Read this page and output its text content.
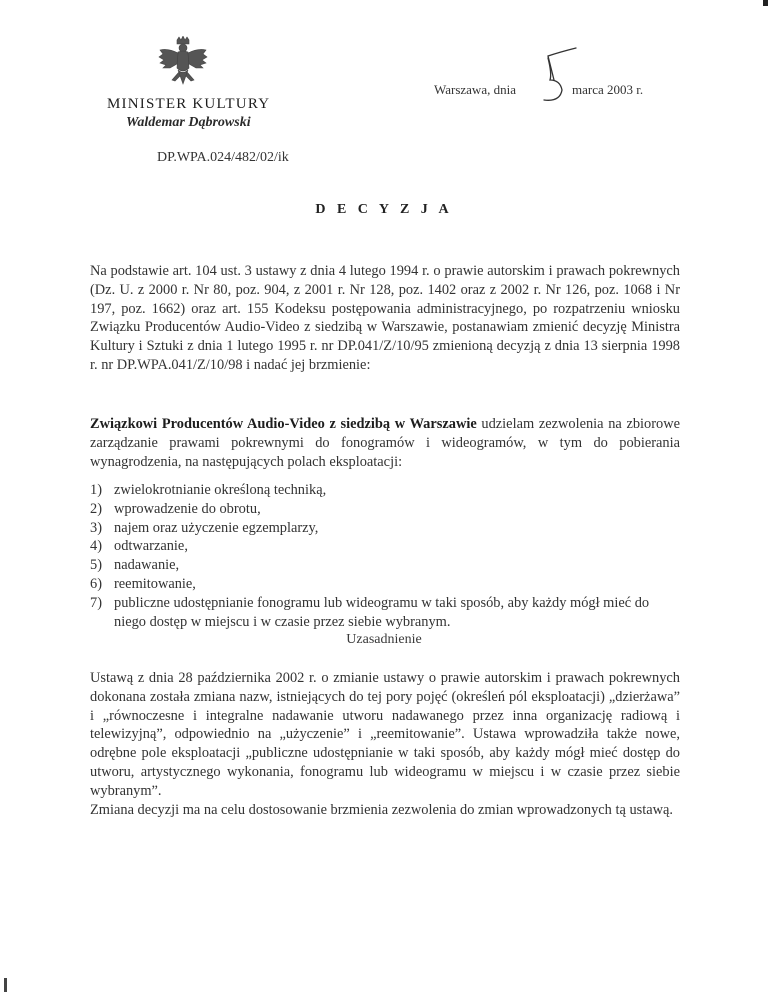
MINISTER KULTURY
Waldemar Dąbrowski
DP.WPA.024/482/02/ik
Warszawa, dnia
5
marca 2003 r.
D E C Y Z J A
Na podstawie art. 104 ust. 3 ustawy z dnia 4 lutego 1994 r. o prawie autorskim i prawach pokrewnych (Dz. U. z 2000 r. Nr 80, poz. 904, z 2001 r. Nr 128, poz. 1402 oraz z 2002 r. Nr 126, poz. 1068 i Nr 197, poz. 1662) oraz art. 155 Kodeksu postępowania administracyjnego, po rozpatrzeniu wniosku Związku Producentów Audio-Video z siedzibą w Warszawie, postanawiam zmienić decyzję Ministra Kultury i Sztuki z dnia 1 lutego 1995 r. nr DP.041/Z/10/95 zmienioną decyzją z dnia 13 sierpnia 1998 r. nr DP.WPA.041/Z/10/98 i nadać jej brzmienie:
Związkowi Producentów Audio-Video z siedzibą w Warszawie udzielam zezwolenia na zbiorowe zarządzanie prawami pokrewnymi do fonogramów i wideogramów, w tym do pobierania wynagrodzenia, na następujących polach eksploatacji:
1) zwielokrotnianie określoną techniką,
2) wprowadzenie do obrotu,
3) najem oraz użyczenie egzemplarzy,
4) odtwarzanie,
5) nadawanie,
6) reemitowanie,
7) publiczne udostępnianie fonogramu lub wideogramu w taki sposób, aby każdy mógł mieć do niego dostęp w miejscu i w czasie przez siebie wybranym.
Uzasadnienie
Ustawą z dnia 28 października 2002 r. o zmianie ustawy o prawie autorskim i prawach pokrewnych dokonana została zmiana nazw, istniejących do tej pory pojęć (określeń pól eksploatacji) „dzierżawa” i „równoczesne i integralne nadawanie utworu nadawanego przez inna organizację radiową i telewizyjną”, odpowiednio na „użyczenie” i „reemitowanie”. Ustawa wprowadziła także nowe, odrębne pole eksploatacji „publiczne udostępnianie w taki sposób, aby każdy mógł mieć dostęp do utworu, artystycznego wykonania, fonogramu lub wideogramu w miejscu i w czasie przez siebie wybranym”.
Zmiana decyzji ma na celu dostosowanie brzmienia zezwolenia do zmian wprowadzonych tą ustawą.
